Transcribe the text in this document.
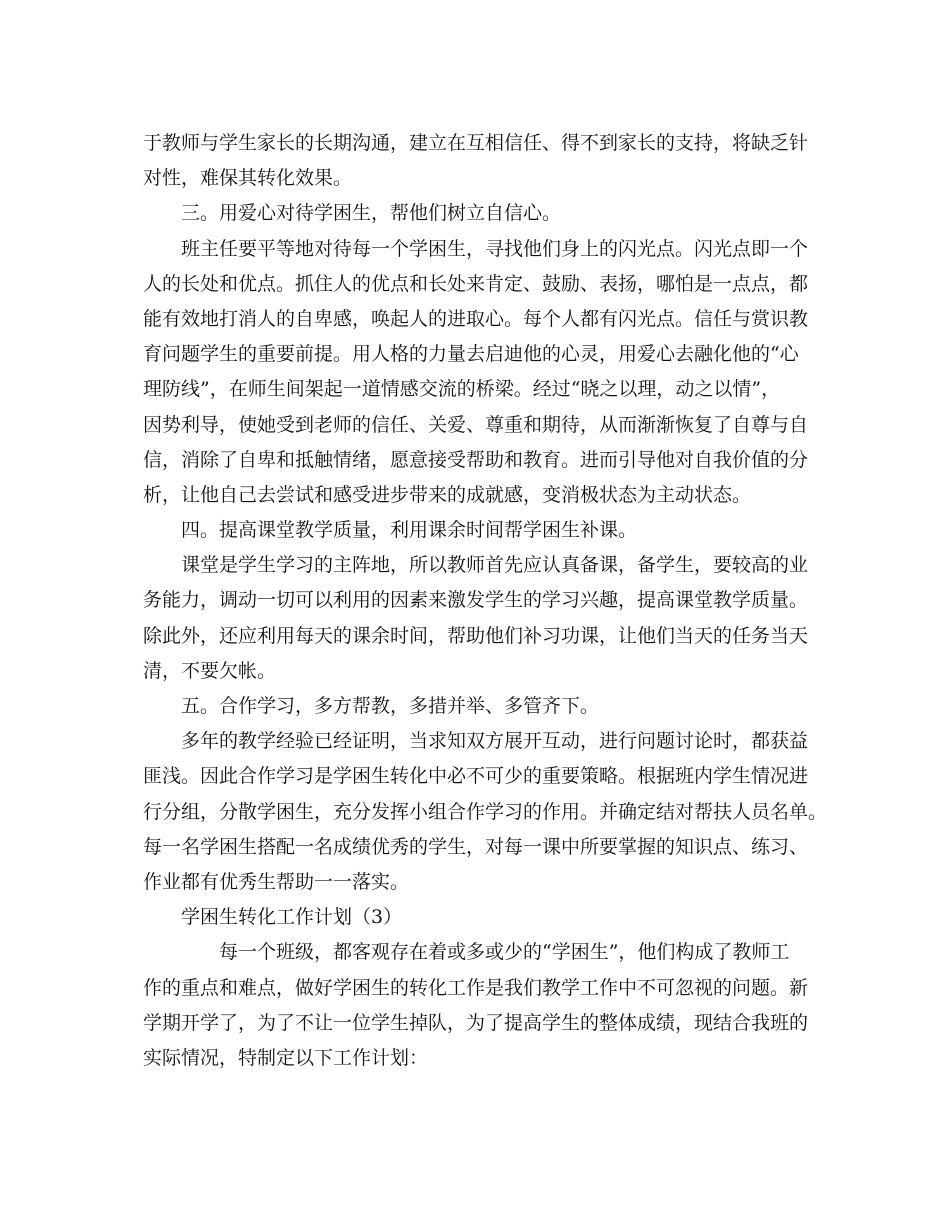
于教师与学生家长的长期沟通，建立在互相信任、得不到家长的支持，将缺乏针
对性，难保其转化效果。
三。用爱心对待学困生，帮他们树立自信心。
班主任要平等地对待每一个学困生，寻找他们身上的闪光点。闪光点即一个
人的长处和优点。抓住人的优点和长处来肯定、鼓励、表扬，哪怕是一点点，都
能有效地打消人的自卑感，唤起人的进取心。每个人都有闪光点。信任与赏识教
育问题学生的重要前提。用人格的力量去启迪他的心灵，用爱心去融化他的“心
理防线”，在师生间架起一道情感交流的桥梁。经过“晓之以理，动之以情”，
因势利导，使她受到老师的信任、关爱、尊重和期待，从而渐渐恢复了自尊与自
信，消除了自卑和抵触情绪，愿意接受帮助和教育。进而引导他对自我价值的分
析，让他自己去尝试和感受进步带来的成就感，变消极状态为主动状态。
四。提高课堂教学质量，利用课余时间帮学困生补课。
课堂是学生学习的主阵地，所以教师首先应认真备课，备学生，要较高的业
务能力，调动一切可以利用的因素来激发学生的学习兴趣，提高课堂教学质量。
除此外，还应利用每天的课余时间，帮助他们补习功课，让他们当天的任务当天
清，不要欠帐。
五。合作学习，多方帮教，多措并举、多管齐下。
多年的教学经验已经证明，当求知双方展开互动，进行问题讨论时，都获益
匪浅。因此合作学习是学困生转化中必不可少的重要策略。根据班内学生情况进
行分组，分散学困生，充分发挥小组合作学习的作用。并确定结对帮扶人员名单。
每一名学困生搭配一名成绩优秀的学生，对每一课中所要掌握的知识点、练习、
作业都有优秀生帮助一一落实。
学困生转化工作计划（3）
每一个班级，都客观存在着或多或少的“学困生”，他们构成了教师工
作的重点和难点，做好学困生的转化工作是我们教学工作中不可忽视的问题。新
学期开学了，为了不让一位学生掉队，为了提高学生的整体成绩，现结合我班的
实际情况，特制定以下工作计划：
